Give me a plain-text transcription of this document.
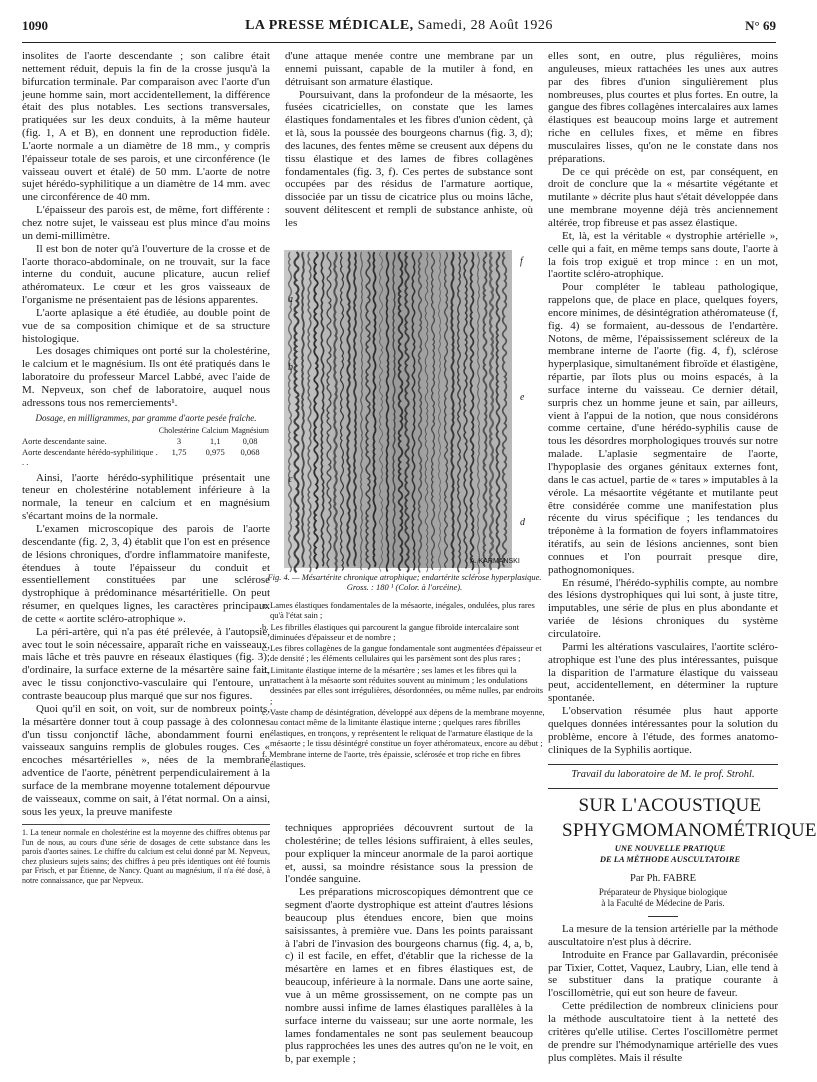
1090	LA PRESSE MÉDICALE, Samedi, 28 Août 1926	N° 69

insolites de l'aorte descendante ; son calibre était nettement réduit, depuis la fin de la crosse jusqu'à la bifurcation terminale. Par comparaison avec l'aorte d'un jeune homme sain, mort accidentellement, la différence était des plus notables. Les sections transversales, pratiquées sur les deux conduits, à la même hauteur (fig. 1, A et B), en donnent une reproduction fidèle. L'aorte normale a un diamètre de 18 mm., y compris l'épaisseur totale de ses parois, et une circonférence (le vaisseau ouvert et étalé) de 50 mm. L'aorte de notre sujet hérédo-syphilitique a un diamètre de 14 mm. avec une circonférence de 40 mm.

L'épaisseur des parois est, de même, fort différente : chez notre sujet, le vaisseau est plus mince d'au moins un demi-millimètre.

Il est bon de noter qu'à l'ouverture de la crosse et de l'aorte thoraco-abdominale, on ne trouvait, sur la face interne du conduit, aucune plicature, aucun relief athéromateux. Le cœur et les gros vaisseaux de l'organisme ne présentaient pas de lésions apparentes.

L'aorte aplasique a été étudiée, au double point de vue de sa composition chimique et de sa structure histologique.

Les dosages chimiques ont porté sur la cholestérine, le calcium et le magnésium. Ils ont été pratiqués dans le laboratoire du professeur Marcel Labbé, avec l'aide de M. Nepveux, son chef de laboratoire, auquel nous adressons tous nos remerciements¹.

Dosage, en milligrammes, par gramme d'aorte pesée fraîche.
	Cholestérine	Calcium	Magnésium
Aorte descendante saine.	3	1,1	0,08
Aorte descendante hérédo-syphilitique . . .	1,75	0,975	0,068

Ainsi, l'aorte hérédo-syphilitique présentait une teneur en cholestérine notablement inférieure à la normale, la teneur en calcium et en magnésium s'écartant moins de la normale.

L'examen microscopique des parois de l'aorte descendante (fig. 2, 3, 4) établit que l'on est en présence de lésions chroniques, d'ordre inflammatoire manifeste, étendues à toute l'épaisseur du conduit et essentiellement constituées par une sclérose dystrophique à prédominance mésartéritielle. On peut résumer, en quelques lignes, les caractères principaux de cette « aortite scléro-atrophique ».

La péri-artère, qui n'a pas été prélevée, à l'autopsie, avec tout le soin nécessaire, apparaît riche en vaisseaux, mais lâche et très pauvre en réseaux élastiques (fig. 3); d'ordinaire, la surface externe de la mésartère saine fait, avec le tissu conjonctivo-vasculaire qui l'entoure, un contraste beaucoup plus marqué que sur nos figures.

Quoi qu'il en soit, on voit, sur de nombreux points, la mésartère donner tout à coup passage à des colonnes d'un tissu conjonctif lâche, abondamment fourni en vaisseaux sanguins remplis de globules rouges. Ces « encoches mésartérielles », nées de la membrane adventice de l'aorte, pénètrent perpendiculairement à la surface de la membrane moyenne totalement dépourvue de vaisseaux, comme on sait, à l'état normal. On a ainsi, sous les yeux, la preuve manifeste

1. La teneur normale en cholestérine est la moyenne des chiffres obtenus par l'un de nous, au cours d'une série de dosages de cette substance dans les parois d'aortes saines. Le chiffre du calcium est celui donné par M. Nepveux, chez plusieurs sujets sains; des chiffres à peu près identiques ont été fournis par Frisch, et par Étienne, de Nancy. Quant au magnésium, il n'a été dosé, à notre connaissance, que par Nepveux.

d'une attaque menée contre une membrane par un ennemi puissant, capable de la mutiler à fond, en détruisant son armature élastique.

Poursuivant, dans la profondeur de la mésaorte, les fusées cicatricielles, on constate que les lames élastiques fondamentales et les fibres d'union cèdent, çà et là, sous la poussée des bourgeons charnus (fig. 3, d); des lacunes, des fentes même se creusent aux dépens du tissu élastique et des lames de fibres collagènes fondamentales (fig. 3, f). Ces pertes de substance sont occupées par des résidus de l'armature aortique, dissociée par un tissu de cicatrice plus ou moins lâche, souvent délitescent et rempli de substance anhiste, où les

a
f
b
e
c
d
A. KARMANSKI
Fig. 4. — Mésartérite chronique atrophique; endartérite sclérose hyperplasique. Gross. : 180 ¹ (Color. à l'orcéine).

a. Lames élastiques fondamentales de la mésaorte, inégales, ondulées, plus rares qu'à l'état sain ;

b. Les fibrilles élastiques qui parcourent la gangue fibroïde intercalaire sont diminuées d'épaisseur et de nombre ;

c. Les fibres collagènes de la gangue fondamentale sont augmentées d'épaisseur et de densité ; les éléments cellulaires qui les parsèment sont des plus rares ;

d. Limitante élastique interne de la mésartère ; ses lames et les fibres qui la rattachent à la mésaorte sont réduites souvent au minimum ; les ondulations dessinées par elles sont irrégulières, désordonnées, ou même nulles, par endroits ;

e. Vaste champ de désintégration, développé aux dépens de la membrane moyenne, au contact même de la limitante élastique interne ; quelques rares fibrilles élastiques, en tronçons, y représentent le reliquat de l'armature élastique de la mésaorte ; le tissu désintégré constitue un foyer athéromateux, encore au début ;

f. Membrane interne de l'aorte, très épaissie, sclérosée et trop riche en fibres élastiques.

techniques appropriées découvrent surtout de la cholestérine; de telles lésions suffiraient, à elles seules, pour expliquer la minceur anormale de la paroi aortique et, aussi, sa moindre résistance sous la pression de l'ondée sanguine.

Les préparations microscopiques démontrent que ce segment d'aorte dystrophique est atteint d'autres lésions beaucoup plus étendues encore, bien que moins saisissantes, à première vue. Dans les points paraissant à l'abri de l'invasion des bourgeons charnus (fig. 4, a, b, c) il est facile, en effet, d'établir que la richesse de la mésartère en lames et en fibres élastiques est, de beaucoup, inférieure à la normale. Dans une aorte saine, vue à un même grossissement, on ne compte pas un nombre aussi infime de lames élastiques parallèles à la surface interne du vaisseau; sur une aorte normale, les lames fondamentales ne sont pas seulement beaucoup plus rapprochées les unes des autres qu'on ne le voit, en b, par exemple ;

elles sont, en outre, plus régulières, moins anguleuses, mieux rattachées les unes aux autres par des fibres d'union singulièrement plus nombreuses, plus courtes et plus fortes. En outre, la gangue des fibres collagènes intercalaires aux lames élastiques est beaucoup moins large et autrement riche en cellules fixes, et même en fibres musculaires lisses, qu'on ne le constate dans nos préparations.

De ce qui précède on est, par conséquent, en droit de conclure que la « mésartite végétante et mutilante » décrite plus haut s'était développée dans une membrane moyenne déjà très anciennement altérée, trop fibreuse et pas assez élastique.

Et, là, est la véritable « dystrophie artérielle », celle qui a fait, en même temps sans doute, l'aorte à la fois trop exiguë et trop mince : en un mot, l'aortite scléro-atrophique.

Pour compléter le tableau pathologique, rappelons que, de place en place, quelques foyers, encore minimes, de désintégration athéromateuse (f, fig. 4) se formaient, au-dessous de l'endartère. Notons, de même, l'épaississement scléreux de la membrane interne de l'aorte (fig. 4, f), sclérose hyperplasique, simultanément fibroïde et élastigène, répartie, par îlots plus ou moins espacés, à la surface interne du vaisseau. Ce dernier détail, surpris chez un homme jeune et sain, par ailleurs, vient à l'appui de la notion, que nous considérons comme certaine, d'une hérédo-syphilis cause de tous les désordres morphologiques trouvés sur notre malade. L'aplasie segmentaire de l'aorte, l'hypoplasie des organes génitaux externes font, dans le cas actuel, partie de « tares » imputables à la vérole. La mésaortite végétante et mutilante peut être considérée comme une manifestation plus récente du virus spécifique ; les tendances du tréponème à la formation de foyers inflammatoires itératifs, au sein de lésions anciennes, sont bien connues et l'on pourrait presque dire, pathognomoniques.

En résumé, l'hérédo-syphilis compte, au nombre des lésions dystrophiques qui lui sont, à juste titre, imputables, une série de plus en plus abondante et variée de lésions chroniques du système circulatoire.

Parmi les altérations vasculaires, l'aortite scléro-atrophique est l'une des plus intéressantes, puisque la disparition de l'armature élastique du vaisseau peut, accidentellement, en déterminer la rupture spontanée.

L'observation résumée plus haut apporte quelques données intéressantes pour la solution du problème, encore à l'étude, des formes anatomo-cliniques de la Syphilis aortique.

Travail du laboratoire de M. le prof. Strohl.

SUR L'ACOUSTIQUE

SPHYGMOMANOMÉTRIQUE

UNE NOUVELLE PRATIQUE

DE LA MÉTHODE AUSCULTATOIRE

Par Ph. FABRE
Préparateur de Physique biologique
à la Faculté de Médecine de Paris.

La mesure de la tension artérielle par la méthode auscultatoire n'est plus à décrire.

Introduite en France par Gallavardin, préconisée par Tixier, Cottet, Vaquez, Laubry, Lian, elle tend à se substituer dans la pratique courante à l'oscillomètrie, qui eut son heure de faveur.

Cette prédilection de nombreux cliniciens pour la méthode auscultatoire tient à la netteté des critères qu'elle utilise. Certes l'oscillomètre permet de prendre sur l'hémodynamique artérielle des vues plus complètes. Mais il résulte
